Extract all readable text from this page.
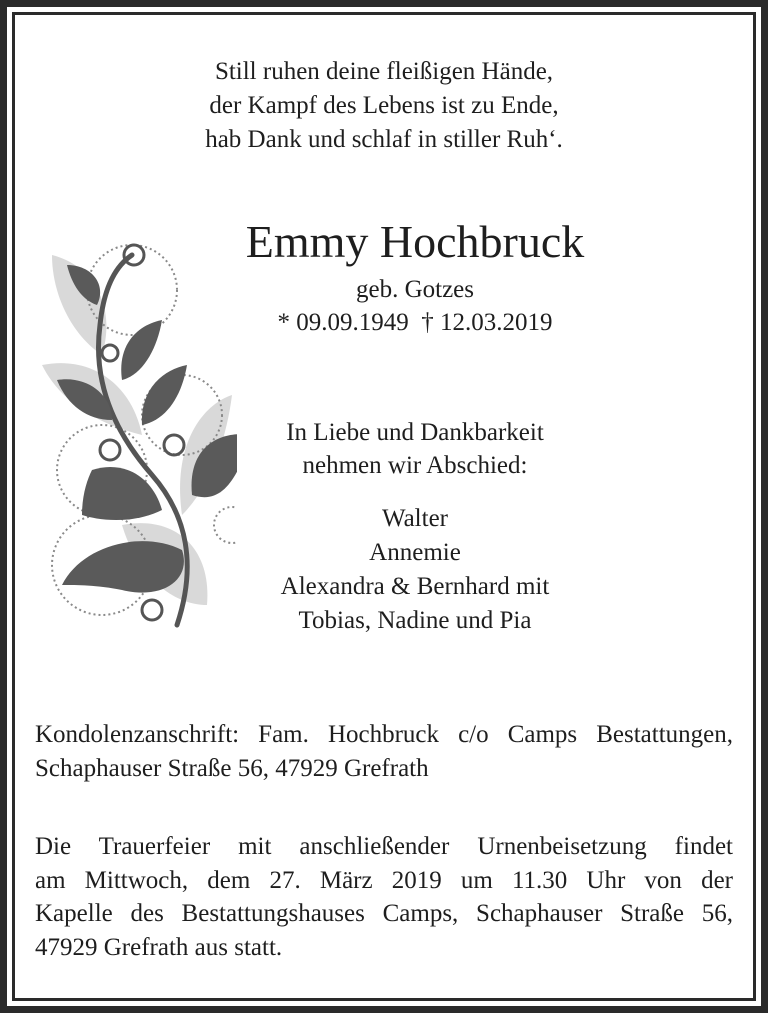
Still ruhen deine fleißigen Hände,
der Kampf des Lebens ist zu Ende,
hab Dank und schlaf in stiller Ruh‘.
Emmy Hochbruck
geb. Gotzes
* 09.09.1949  † 12.03.2019
In Liebe und Dankbarkeit
nehmen wir Abschied:
Walter
Annemie
Alexandra & Bernhard mit
Tobias, Nadine und Pia
Kondolenzanschrift: Fam. Hochbruck c/o Camps Bestattungen,
Schaphauser Straße 56, 47929 Grefrath
Die Trauerfeier mit anschließender Urnenbeisetzung findet
am Mittwoch, dem 27. März 2019 um 11.30 Uhr von der
Kapelle des Bestattungshauses Camps, Schaphauser Straße 56,
47929 Grefrath aus statt.
